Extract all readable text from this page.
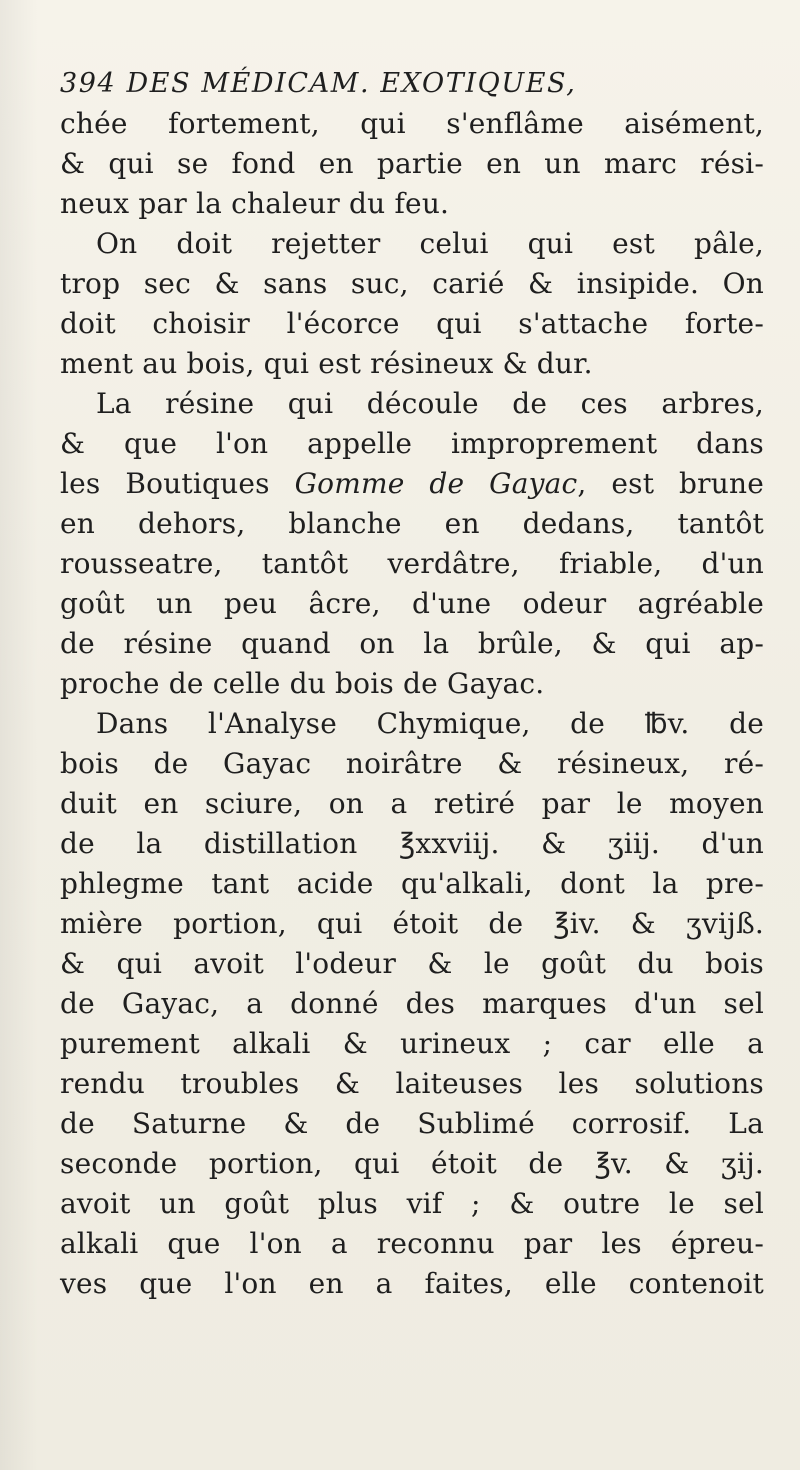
394 DES MÉDICAM. EXOTIQUES,
chée fortement, qui s'enflâme aisément,
& qui se fond en partie en un marc rési-
neux par la chaleur du feu.
On doit rejetter celui qui est pâle,
trop sec & sans suc, carié & insipide. On
doit choisir l'écorce qui s'attache forte-
ment au bois, qui est résineux & dur.
La résine qui découle de ces arbres,
& que l'on appelle improprement dans
les Boutiques Gomme de Gayac, est brune
en dehors, blanche en dedans, tantôt
rousseatre, tantôt verdâtre, friable, d'un
goût un peu âcre, d'une odeur agréable
de résine quand on la brûle, & qui ap-
proche de celle du bois de Gayac.
Dans l'Analyse Chymique, de ℔v. de
bois de Gayac noirâtre & résineux, ré-
duit en sciure, on a retiré par le moyen
de la distillation ℥xxviij. & ʒiij. d'un
phlegme tant acide qu'alkali, dont la pre-
mière portion, qui étoit de ℥iv. & ʒvijß.
& qui avoit l'odeur & le goût du bois
de Gayac, a donné des marques d'un sel
purement alkali & urineux ; car elle a
rendu troubles & laiteuses les solutions
de Saturne & de Sublimé corrosif. La
seconde portion, qui étoit de ℥v. & ʒij.
avoit un goût plus vif ; & outre le sel
alkali que l'on a reconnu par les épreu-
ves que l'on en a faites, elle contenoit
